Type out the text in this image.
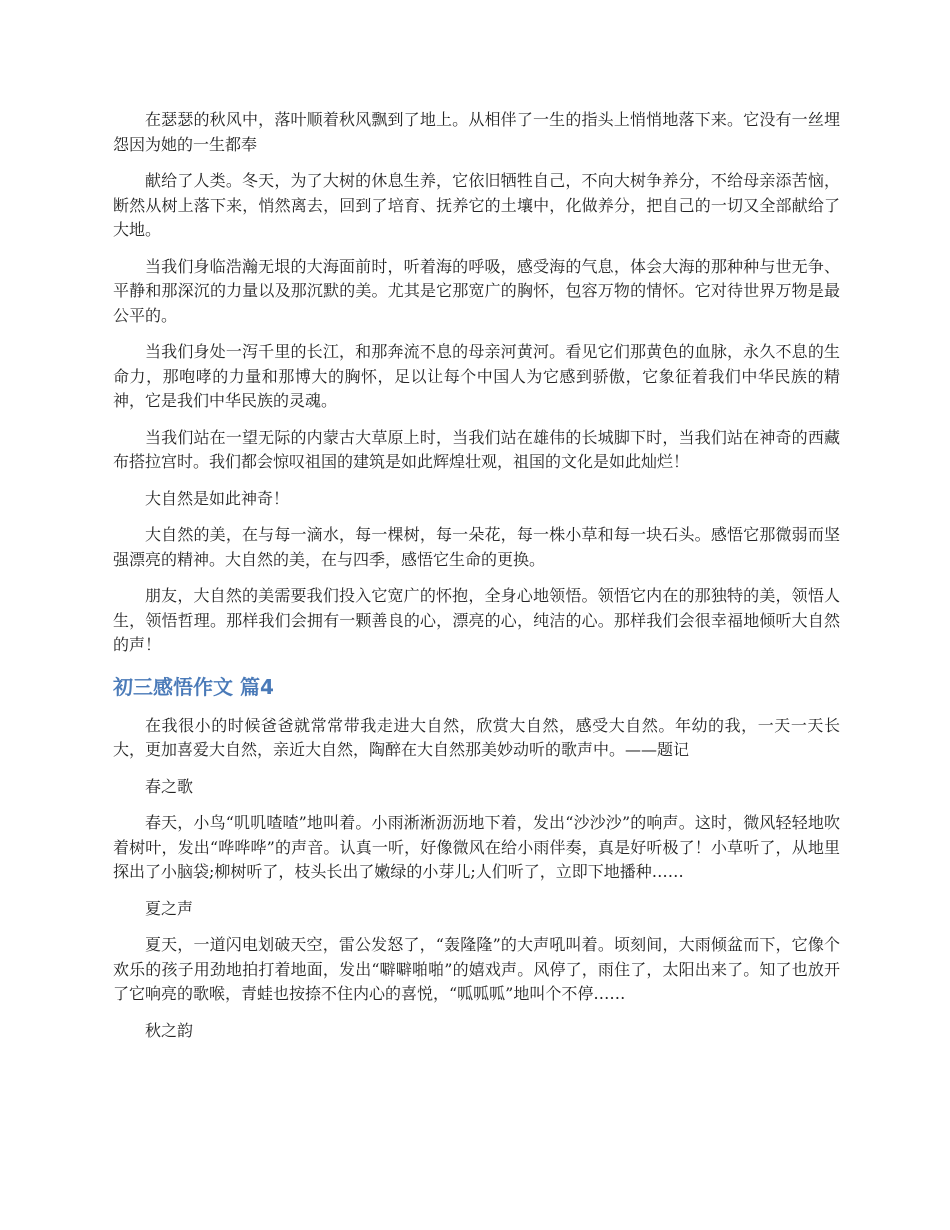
在瑟瑟的秋风中，落叶顺着秋风飘到了地上。从相伴了一生的指头上悄悄地落下来。它没有一丝埋怨因为她的一生都奉

献给了人类。冬天，为了大树的休息生养，它依旧牺牲自己，不向大树争养分，不给母亲添苦恼，断然从树上落下来，悄然离去，回到了培育、抚养它的土壤中，化做养分，把自己的一切又全部献给了大地。

当我们身临浩瀚无垠的大海面前时，听着海的呼吸，感受海的气息，体会大海的那种种与世无争、平静和那深沉的力量以及那沉默的美。尤其是它那宽广的胸怀，包容万物的情怀。它对待世界万物是最公平的。

当我们身处一泻千里的长江，和那奔流不息的母亲河黄河。看见它们那黄色的血脉，永久不息的生命力，那咆哮的力量和那博大的胸怀，足以让每个中国人为它感到骄傲，它象征着我们中华民族的精神，它是我们中华民族的灵魂。

当我们站在一望无际的内蒙古大草原上时，当我们站在雄伟的长城脚下时，当我们站在神奇的西藏布搭拉宫时。我们都会惊叹祖国的建筑是如此辉煌壮观，祖国的文化是如此灿烂！

大自然是如此神奇！

大自然的美，在与每一滴水，每一棵树，每一朵花，每一株小草和每一块石头。感悟它那微弱而坚强漂亮的精神。大自然的美，在与四季，感悟它生命的更换。

朋友，大自然的美需要我们投入它宽广的怀抱，全身心地领悟。领悟它内在的那独特的美，领悟人生，领悟哲理。那样我们会拥有一颗善良的心，漂亮的心，纯洁的心。那样我们会很幸福地倾听大自然的声！

初三感悟作文 篇4

在我很小的时候爸爸就常常带我走进大自然，欣赏大自然，感受大自然。年幼的我，一天一天长大，更加喜爱大自然，亲近大自然，陶醉在大自然那美妙动听的歌声中。——题记

春之歌

春天，小鸟“叽叽喳喳”地叫着。小雨淅淅沥沥地下着，发出“沙沙沙”的响声。这时，微风轻轻地吹着树叶，发出“哗哗哗”的声音。认真一听，好像微风在给小雨伴奏，真是好听极了！小草听了，从地里探出了小脑袋;柳树听了，枝头长出了嫩绿的小芽儿;人们听了，立即下地播种……

夏之声

夏天，一道闪电划破天空，雷公发怒了，“轰隆隆”的大声吼叫着。顷刻间，大雨倾盆而下，它像个欢乐的孩子用劲地拍打着地面，发出“噼噼啪啪”的嬉戏声。风停了，雨住了，太阳出来了。知了也放开了它响亮的歌喉，青蛙也按捺不住内心的喜悦，“呱呱呱”地叫个不停……

秋之韵
